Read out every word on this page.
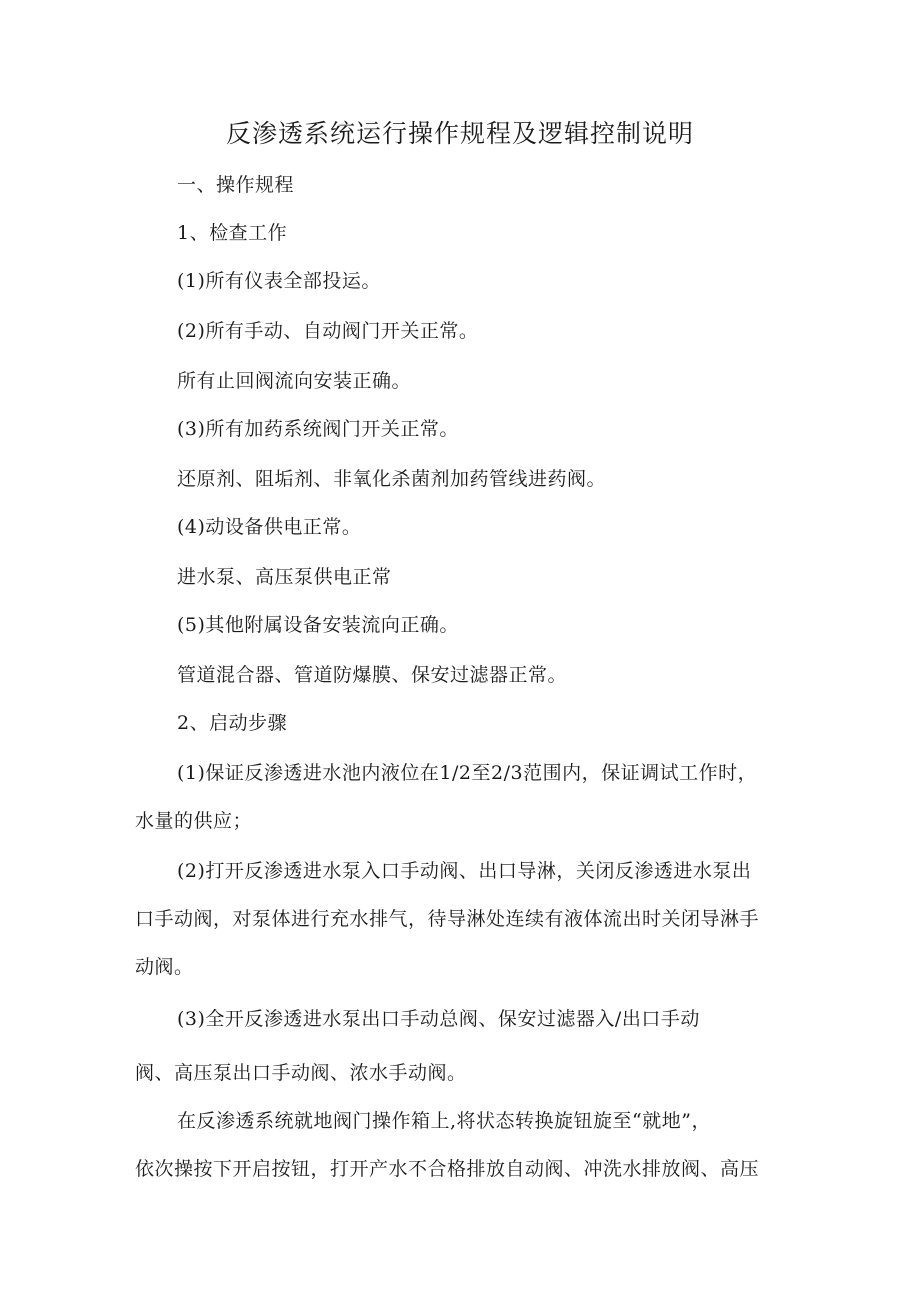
反渗透系统运行操作规程及逻辑控制说明
一、操作规程
1、检查工作
(1)所有仪表全部投运。
(2)所有手动、自动阀门开关正常。
所有止回阀流向安装正确。
(3)所有加药系统阀门开关正常。
还原剂、阻垢剂、非氧化杀菌剂加药管线进药阀。
(4)动设备供电正常。
进水泵、高压泵供电正常
(5)其他附属设备安装流向正确。
管道混合器、管道防爆膜、保安过滤器正常。
2、启动步骤
(1)保证反渗透进水池内液位在1/2至2/3范围内，保证调试工作时，
水量的供应；
(2)打开反渗透进水泵入口手动阀、出口导淋，关闭反渗透进水泵出
口手动阀，对泵体进行充水排气，待导淋处连续有液体流出时关闭导淋手
动阀。
(3)全开反渗透进水泵出口手动总阀、保安过滤器入/出口手动
阀、高压泵出口手动阀、浓水手动阀。
在反渗透系统就地阀门操作箱上,将状态转换旋钮旋至“就地”，
依次操按下开启按钮，打开产水不合格排放自动阀、冲洗水排放阀、高压
